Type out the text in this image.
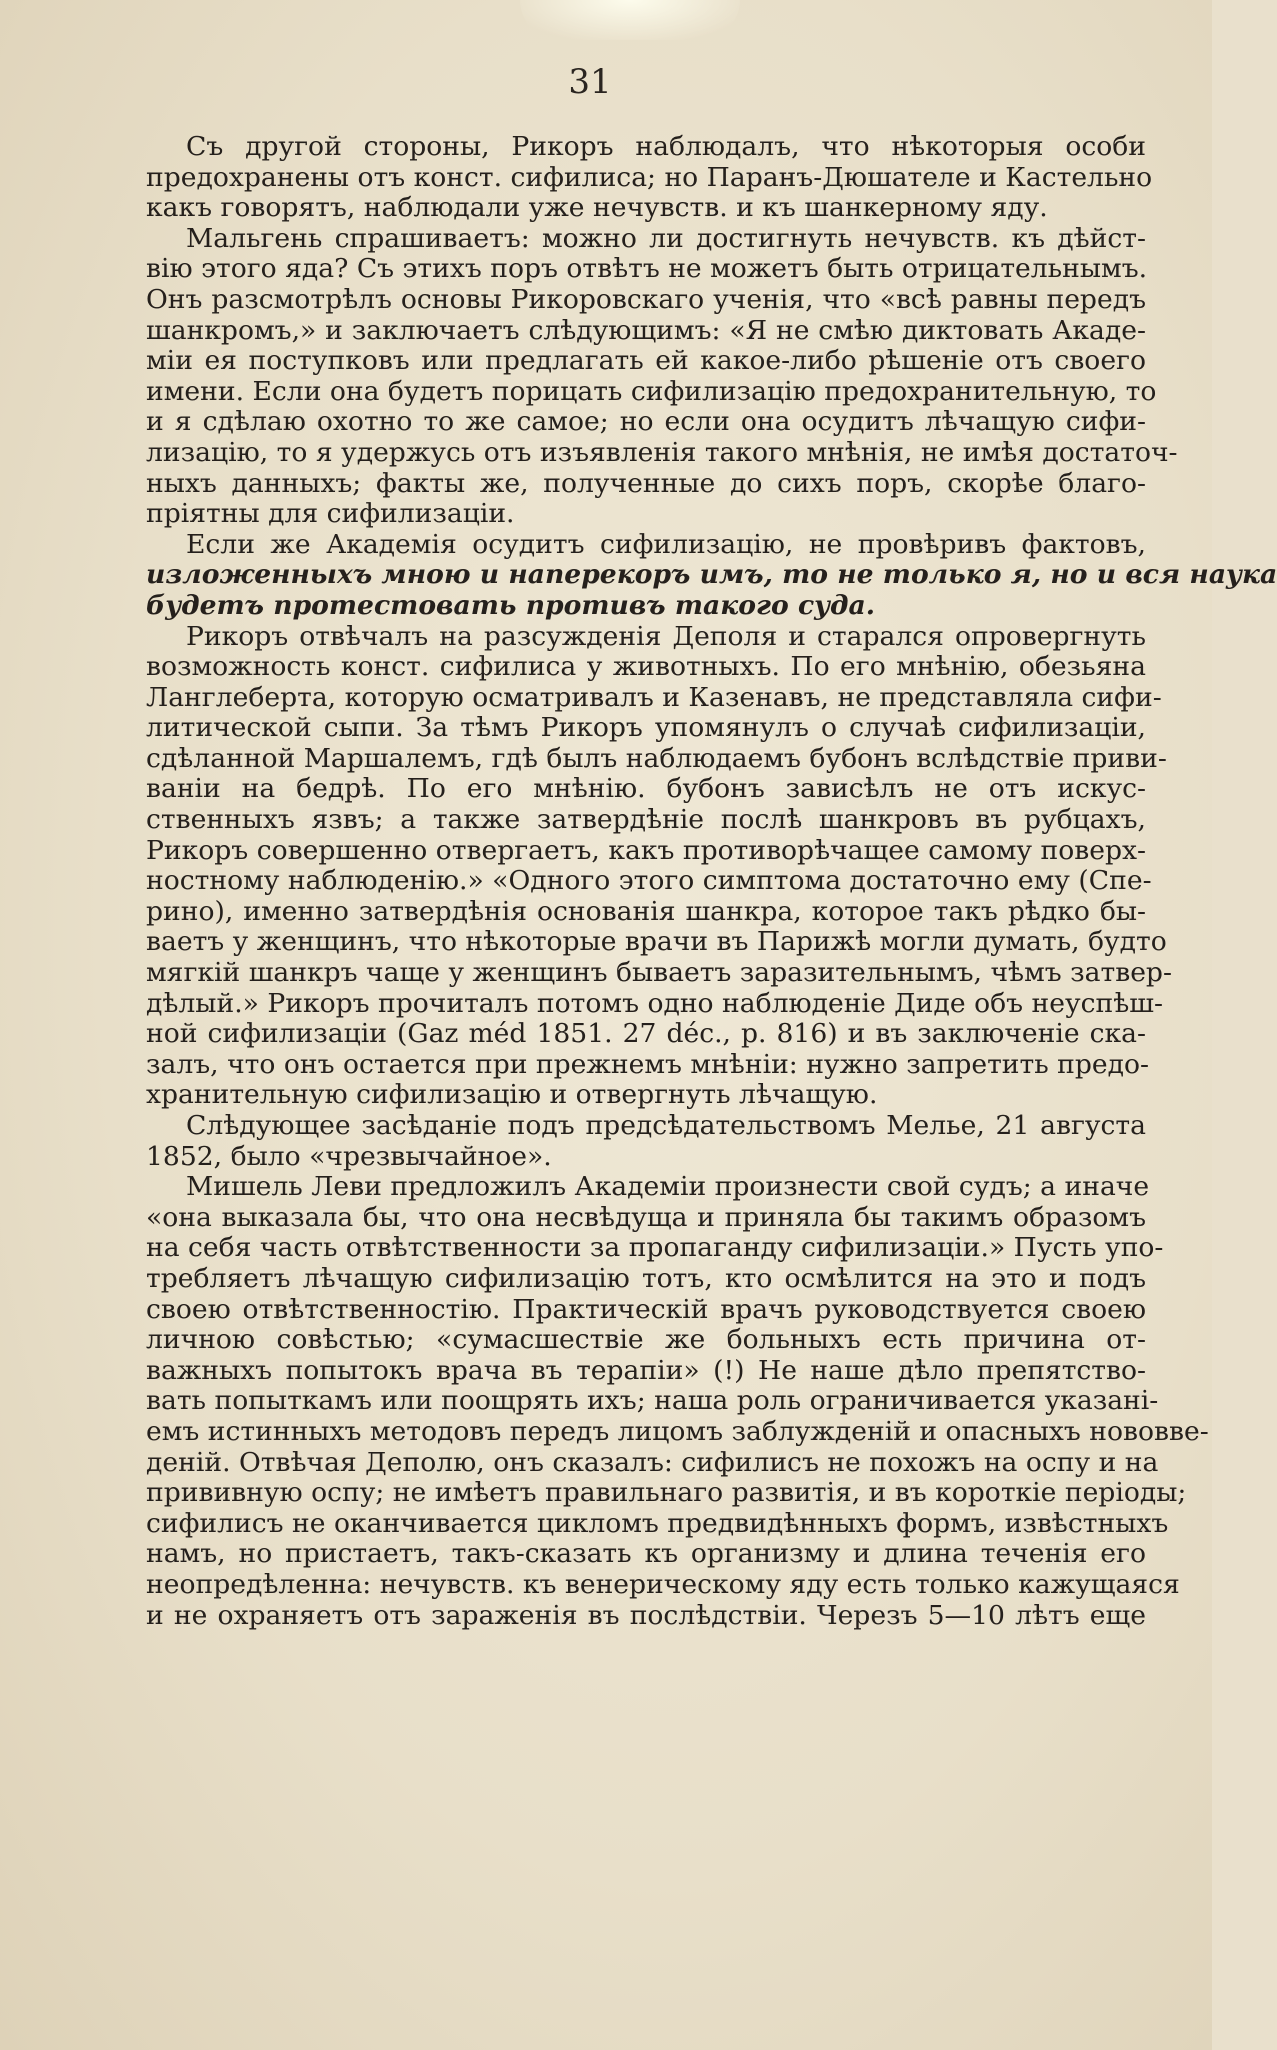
31
Съ другой стороны, Рикоръ наблюдалъ, что нѣкоторыя особи
предохранены отъ конст. сифилиса; но Паранъ-Дюшателе и Кастельно
какъ говорятъ, наблюдали уже нечувств. и къ шанкерному яду.
Мальгень спрашиваетъ: можно ли достигнуть нечувств. къ дѣйст-
вію этого яда? Съ этихъ поръ отвѣтъ не можетъ быть отрицательнымъ.
Онъ разсмотрѣлъ основы Рикоровскаго ученія, что «всѣ равны передъ
шанкромъ,» и заключаетъ слѣдующимъ: «Я не смѣю диктовать Акаде-
міи ея поступковъ или предлагать ей какое-либо рѣшеніе отъ своего
имени. Если она будетъ порицать сифилизацію предохранительную, то
и я сдѣлаю охотно то же самое; но если она осудитъ лѣчащую сифи-
лизацію, то я удержусь отъ изъявленія такого мнѣнія, не имѣя достаточ-
ныхъ данныхъ; факты же, полученные до сихъ поръ, скорѣе благо-
пріятны для сифилизаціи.
Если же Академія осудитъ сифилизацію, не провѣривъ фактовъ,
изложенныхъ мною и наперекоръ имъ, то не только я, но и вся наука
будетъ протестовать противъ такого суда.
Рикоръ отвѣчалъ на разсужденія Деполя и старался опровергнуть
возможность конст. сифилиса у животныхъ. По его мнѣнію, обезьяна
Ланглеберта, которую осматривалъ и Казенавъ, не представляла сифи-
литической сыпи. За тѣмъ Рикоръ упомянулъ о случаѣ сифилизаціи,
сдѣланной Маршалемъ, гдѣ былъ наблюдаемъ бубонъ вслѣдствіе приви-
ваніи на бедрѣ. По его мнѣнію. бубонъ зависѣлъ не отъ искус-
ственныхъ язвъ; а также затвердѣніе послѣ шанкровъ въ рубцахъ,
Рикоръ совершенно отвергаетъ, какъ противорѣчащее самому поверх-
ностному наблюденію.» «Одного этого симптома достаточно ему (Спе-
рино), именно затвердѣнія основанія шанкра, которое такъ рѣдко бы-
ваетъ у женщинъ, что нѣкоторые врачи въ Парижѣ могли думать, будто
мягкій шанкръ чаще у женщинъ бываетъ заразительнымъ, чѣмъ затвер-
дѣлый.» Рикоръ прочиталъ потомъ одно наблюденіе Диде объ неуспѣш-
ной сифилизаціи (Gaz méd 1851. 27 déc., p. 816) и въ заключеніе ска-
залъ, что онъ остается при прежнемъ мнѣніи: нужно запретить предо-
хранительную сифилизацію и отвергнуть лѣчащую.
Слѣдующее засѣданіе подъ предсѣдательствомъ Мелье, 21 августа
1852, было «чрезвычайное».
Мишель Леви предложилъ Академіи произнести свой судъ; а иначе
«она выказала бы, что она несвѣдуща и приняла бы такимъ образомъ
на себя часть отвѣтственности за пропаганду сифилизаціи.» Пусть упо-
требляетъ лѣчащую сифилизацію тотъ, кто осмѣлится на это и подъ
своею отвѣтственностію. Практическій врачъ руководствуется своею
личною совѣстью; «сумасшествіе же больныхъ есть причина от-
важныхъ попытокъ врача въ терапіи» (!) Не наше дѣло препятство-
вать попыткамъ или поощрять ихъ; наша роль ограничивается указані-
емъ истинныхъ методовъ передъ лицомъ заблужденій и опасныхъ нововве-
деній. Отвѣчая Деполю, онъ сказалъ: сифилисъ не похожъ на оспу и на
прививную оспу; не имѣетъ правильнаго развитія, и въ короткіе періоды;
сифилисъ не оканчивается цикломъ предвидѣнныхъ формъ, извѣстныхъ
намъ, но пристаетъ, такъ-сказать къ организму и длина теченія его
неопредѣленна: нечувств. къ венерическому яду есть только кажущаяся
и не охраняетъ отъ зараженія въ послѣдствіи. Черезъ 5—10 лѣтъ еще
